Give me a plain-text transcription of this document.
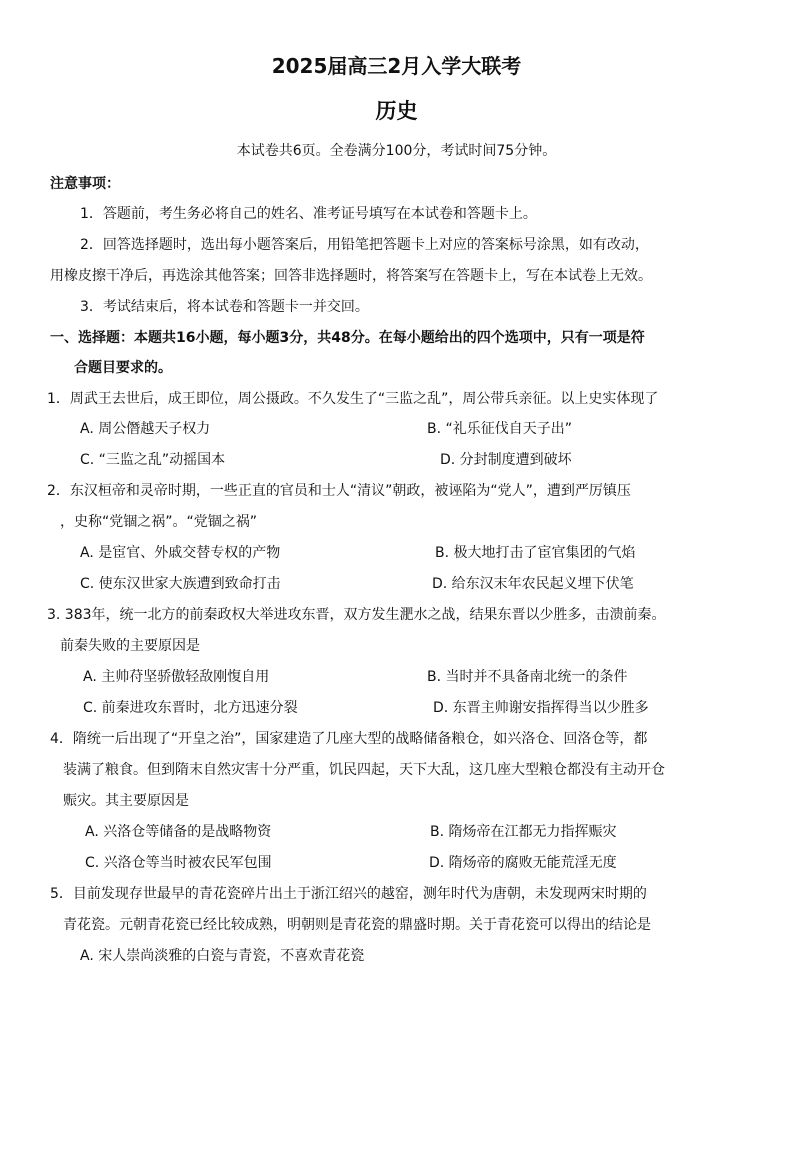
2025届高三2月入学大联考
历史
本试卷共6页。全卷满分100分，考试时间75分钟。
注意事项：
1．答题前，考生务必将自己的姓名、准考证号填写在本试卷和答题卡上。
2．回答选择题时，选出每小题答案后，用铅笔把答题卡上对应的答案标号涂黑，如有改动，
用橡皮擦干净后，再选涂其他答案；回答非选择题时，将答案写在答题卡上，写在本试卷上无效。
3．考试结束后，将本试卷和答题卡一并交回。
一、选择题：本题共16小题，每小题3分，共48分。在每小题给出的四个选项中，只有一项是符
合题目要求的。
1．周武王去世后，成王即位，周公摄政。不久发生了“三监之乱”，周公带兵亲征。以上史实体现了
A. 周公僭越天子权力	B. “礼乐征伐自天子出”
C. “三监之乱”动摇国本	D. 分封制度遭到破坏
2．东汉桓帝和灵帝时期，一些正直的官员和士人“清议”朝政，被诬陷为“党人”，遭到严厉镇压
，史称“党锢之祸”。“党锢之祸”
A. 是宦官、外戚交替专权的产物	B. 极大地打击了宦官集团的气焰
C. 使东汉世家大族遭到致命打击	D. 给东汉末年农民起义埋下伏笔
3. 383年，统一北方的前秦政权大举进攻东晋，双方发生淝水之战，结果东晋以少胜多，击溃前秦。
前秦失败的主要原因是
A. 主帅苻坚骄傲轻敌刚愎自用	B. 当时并不具备南北统一的条件
C. 前秦进攻东晋时，北方迅速分裂	D. 东晋主帅谢安指挥得当以少胜多
4．隋统一后出现了“开皇之治”，国家建造了几座大型的战略储备粮仓，如兴洛仓、回洛仓等，都
装满了粮食。但到隋末自然灾害十分严重，饥民四起，天下大乱，这几座大型粮仓都没有主动开仓
赈灾。其主要原因是
A. 兴洛仓等储备的是战略物资	B. 隋炀帝在江都无力指挥赈灾
C. 兴洛仓等当时被农民军包围	D. 隋炀帝的腐败无能荒淫无度
5．目前发现存世最早的青花瓷碎片出土于浙江绍兴的越窑，测年时代为唐朝，未发现两宋时期的
青花瓷。元朝青花瓷已经比较成熟，明朝则是青花瓷的鼎盛时期。关于青花瓷可以得出的结论是
A. 宋人崇尚淡雅的白瓷与青瓷，不喜欢青花瓷
